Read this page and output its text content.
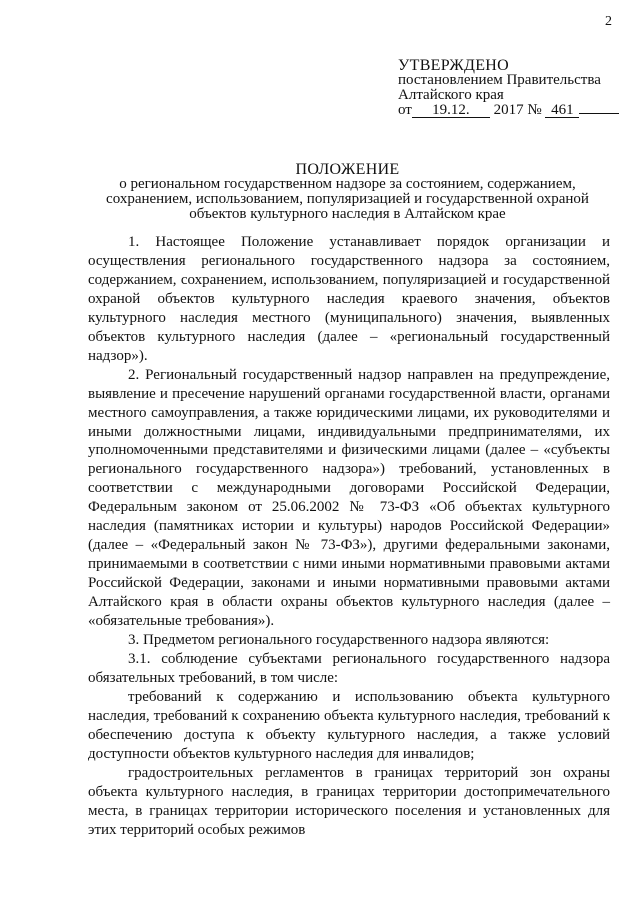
2
УТВЕРЖДЕНО
постановлением Правительства
Алтайского края
от 19.12. 2017 № 461
ПОЛОЖЕНИЕ
о региональном государственном надзоре за состоянием, содержанием,
сохранением, использованием, популяризацией и государственной охраной
объектов культурного наследия в Алтайском крае

1. Настоящее Положение устанавливает порядок организации и осуществления регионального государственного надзора за состоянием, содержанием, сохранением, использованием, популяризацией и государственной охраной объектов культурного наследия краевого значения, объектов культурного наследия местного (муниципального) значения, выявленных объектов культурного наследия (далее – «региональный государственный надзор»).

2. Региональный государственный надзор направлен на предупреждение, выявление и пресечение нарушений органами государственной власти, органами местного самоуправления, а также юридическими лицами, их руководителями и иными должностными лицами, индивидуальными предпринимателями, их уполномоченными представителями и физическими лицами (далее – «субъекты регионального государственного надзора») требований, установленных в соответствии с международными договорами Российской Федерации, Федеральным законом от 25.06.2002 № 73-ФЗ «Об объектах культурного наследия (памятниках истории и культуры) народов Российской Федерации» (далее – «Федеральный закон № 73-ФЗ»), другими федеральными законами, принимаемыми в соответствии с ними иными нормативными правовыми актами Российской Федерации, законами и иными нормативными правовыми актами Алтайского края в области охраны объектов культурного наследия (далее – «обязательные требования»).

3. Предметом регионального государственного надзора являются:

3.1. соблюдение субъектами регионального государственного надзора обязательных требований, в том числе:

требований к содержанию и использованию объекта культурного наследия, требований к сохранению объекта культурного наследия, требований к обеспечению доступа к объекту культурного наследия, а также условий доступности объектов культурного наследия для инвалидов;

градостроительных регламентов в границах территорий зон охраны объекта культурного наследия, в границах территории достопримечательного места, в границах территории исторического поселения и установленных для этих территорий особых режимов
